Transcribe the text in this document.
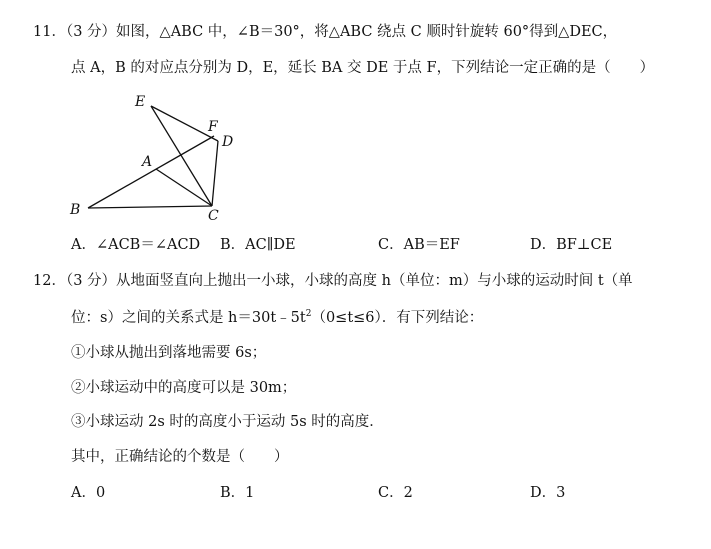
11．（3 分）如图，△ABC 中，∠B＝30°，将△ABC 绕点 C 顺时针旋转 60°得到△DEC，
点 A，B 的对应点分别为 D，E，延长 BA 交 DE 于点 F，下列结论一定正确的是（　　）
E
F
D
A
B	C
A．∠ACB＝∠ACD B．AC∥DE	C．AB＝EF	D．BF⊥CE
12．（3 分）从地面竖直向上抛出一小球，小球的高度 h（单位：m）与小球的运动时间 t（单
位：s）之间的关系式是 $h=30t﹣5t^2(0\le t\le 6)$．有下列结论：
①小球从抛出到落地需要 6s；
②小球运动中的高度可以是 30m；
③小球运动 2s 时的高度小于运动 5s 时的高度．
其中，正确结论的个数是（　　）
A．0	B．1	C．2	D．3
